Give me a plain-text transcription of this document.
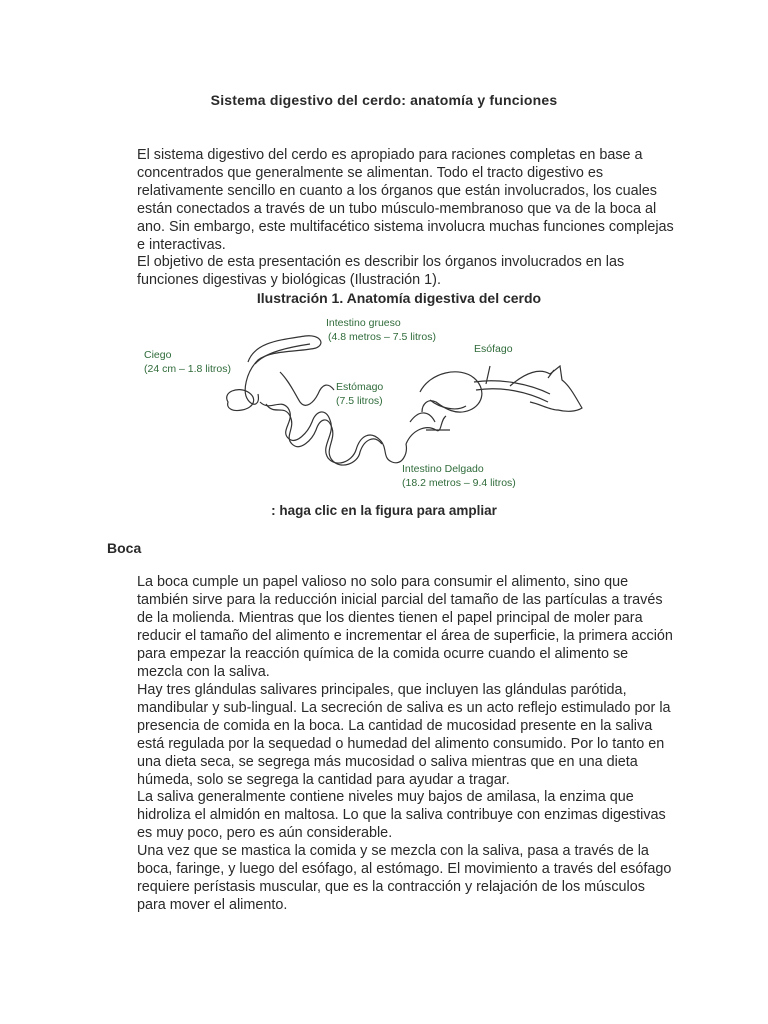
Sistema digestivo del cerdo: anatomía y funciones

El sistema digestivo del cerdo es apropiado para raciones completas en base a concentrados que generalmente se alimentan. Todo el tracto digestivo es relativamente sencillo en cuanto a los órganos que están involucrados, los cuales están conectados a través de un tubo músculo-membranoso que va de la boca al ano. Sin embargo, este multifacético sistema involucra muchas funciones complejas e interactivas.

El objetivo de esta presentación es describir los órganos involucrados en las funciones digestivas y biológicas (Ilustración 1).

Ilustración 1. Anatomía digestiva del cerdo
Intestino grueso
(4.8 metros – 7.5 litros)
Esófago
Ciego
(24 cm – 1.8 litros)
Estómago
(7.5 litros)
Intestino Delgado
(18.2 metros – 9.4 litros)
: haga clic en la figura para ampliar
Boca

La boca cumple un papel valioso no solo para consumir el alimento, sino que también sirve para la reducción inicial parcial del tamaño de las partículas a través de la molienda. Mientras que los dientes tienen el papel principal de moler para reducir el tamaño del alimento e incrementar el área de superficie, la primera acción para empezar la reacción química de la comida ocurre cuando el alimento se mezcla con la saliva.

Hay tres glándulas salivares principales, que incluyen las glándulas parótida, mandibular y sub-lingual. La secreción de saliva es un acto reflejo estimulado por la presencia de comida en la boca. La cantidad de mucosidad presente en la saliva está regulada por la sequedad o humedad del alimento consumido. Por lo tanto en una dieta seca, se segrega más mucosidad o saliva mientras que en una dieta húmeda, solo se segrega la cantidad para ayudar a tragar.

La saliva generalmente contiene niveles muy bajos de amilasa, la enzima que hidroliza el almidón en maltosa. Lo que la saliva contribuye con enzimas digestivas es muy poco, pero es aún considerable.

Una vez que se mastica la comida y se mezcla con la saliva, pasa a través de la boca, faringe, y luego del esófago, al estómago. El movimiento a través del esófago requiere perístasis muscular, que es la contracción y relajación de los músculos para mover el alimento.
